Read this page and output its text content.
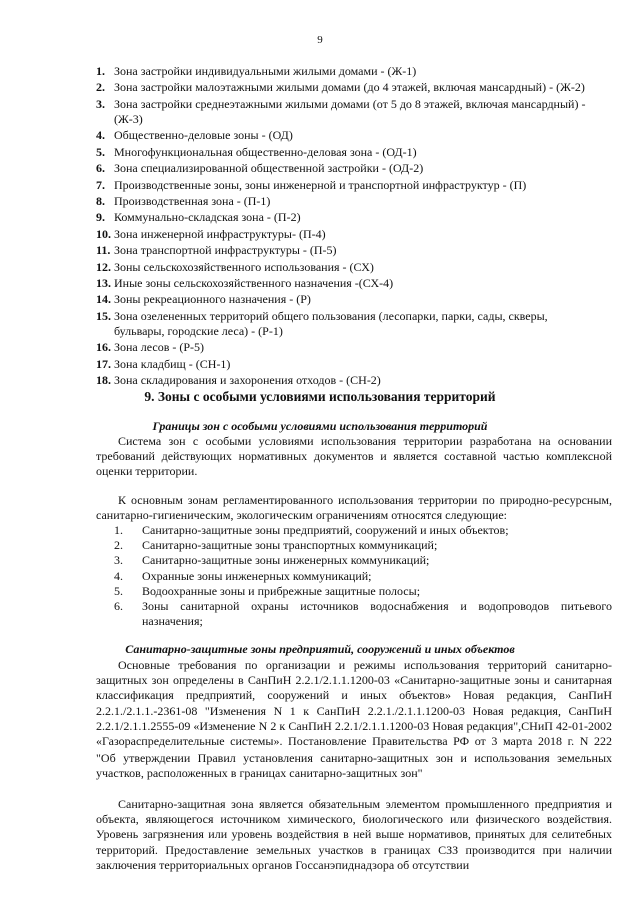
9
1. Зона застройки индивидуальными жилыми домами - (Ж-1)
2. Зона застройки малоэтажными жилыми домами (до 4 этажей, включая мансардный) - (Ж-2)
3. Зона застройки среднеэтажными жилыми домами (от 5 до 8 этажей, включая мансардный) - (Ж-3)
4. Общественно-деловые зоны - (ОД)
5. Многофункциональная общественно-деловая зона - (ОД-1)
6. Зона специализированной общественной застройки - (ОД-2)
7. Производственные зоны, зоны инженерной и транспортной инфраструктур - (П)
8. Производственная зона - (П-1)
9. Коммунально-складская зона - (П-2)
10. Зона инженерной инфраструктуры- (П-4)
11. Зона транспортной инфраструктуры - (П-5)
12. Зоны сельскохозяйственного использования - (СХ)
13. Иные зоны сельскохозяйственного назначения -(СХ-4)
14. Зоны рекреационного назначения - (Р)
15. Зона озелененных территорий общего пользования (лесопарки, парки, сады, скверы, бульвары, городские леса) - (Р-1)
16. Зона лесов - (Р-5)
17. Зона кладбищ - (СН-1)
18. Зона складирования и захоронения отходов - (СН-2)
9. Зоны с особыми условиями использования территорий
Границы зон с особыми условиями использования территорий

Система зон с особыми условиями использования территории разработана на основании требований действующих нормативных документов и является составной частью комплексной оценки территории.

К основным зонам регламентированного использования территории по природно-ресурсным, санитарно-гигиеническим, экологическим ограничениям относятся следующие:

1. Санитарно-защитные зоны предприятий, сооружений и иных объектов;
2. Санитарно-защитные зоны транспортных коммуникаций;
3. Санитарно-защитные зоны инженерных коммуникаций;
4. Охранные зоны инженерных коммуникаций;
5. Водоохранные зоны и прибрежные защитные полосы;
6. Зоны санитарной охраны источников водоснабжения и водопроводов питьевого назначения;
Санитарно-защитные зоны предприятий, сооружений и иных объектов

Основные требования по организации и режимы использования территорий санитарно-защитных зон определены в СанПиН 2.2.1/2.1.1.1200-03 «Санитарно-защитные зоны и санитарная классификация предприятий, сооружений и иных объектов» Новая редакция, СанПиН 2.2.1./2.1.1.-2361-08 "Изменения N 1 к СанПиН 2.2.1./2.1.1.1200-03 Новая редакция, СанПиН 2.2.1/2.1.1.2555-09 «Изменение N 2 к СанПиН 2.2.1/2.1.1.1200-03 Новая редакция",СНиП 42-01-2002 «Газораспределительные системы». Постановление Правительства РФ от 3 марта 2018 г. N 222

"Об утверждении Правил установления санитарно-защитных зон и использования земельных участков, расположенных в границах санитарно-защитных зон"

Санитарно-защитная зона является обязательным элементом промышленного предприятия и объекта, являющегося источником химического, биологического или физического воздействия. Уровень загрязнения или уровень воздействия в ней выше нормативов, принятых для селитебных территорий. Предоставление земельных участков в границах СЗЗ производится при наличии заключения территориальных органов Госсанэпиднадзора об отсутствии
